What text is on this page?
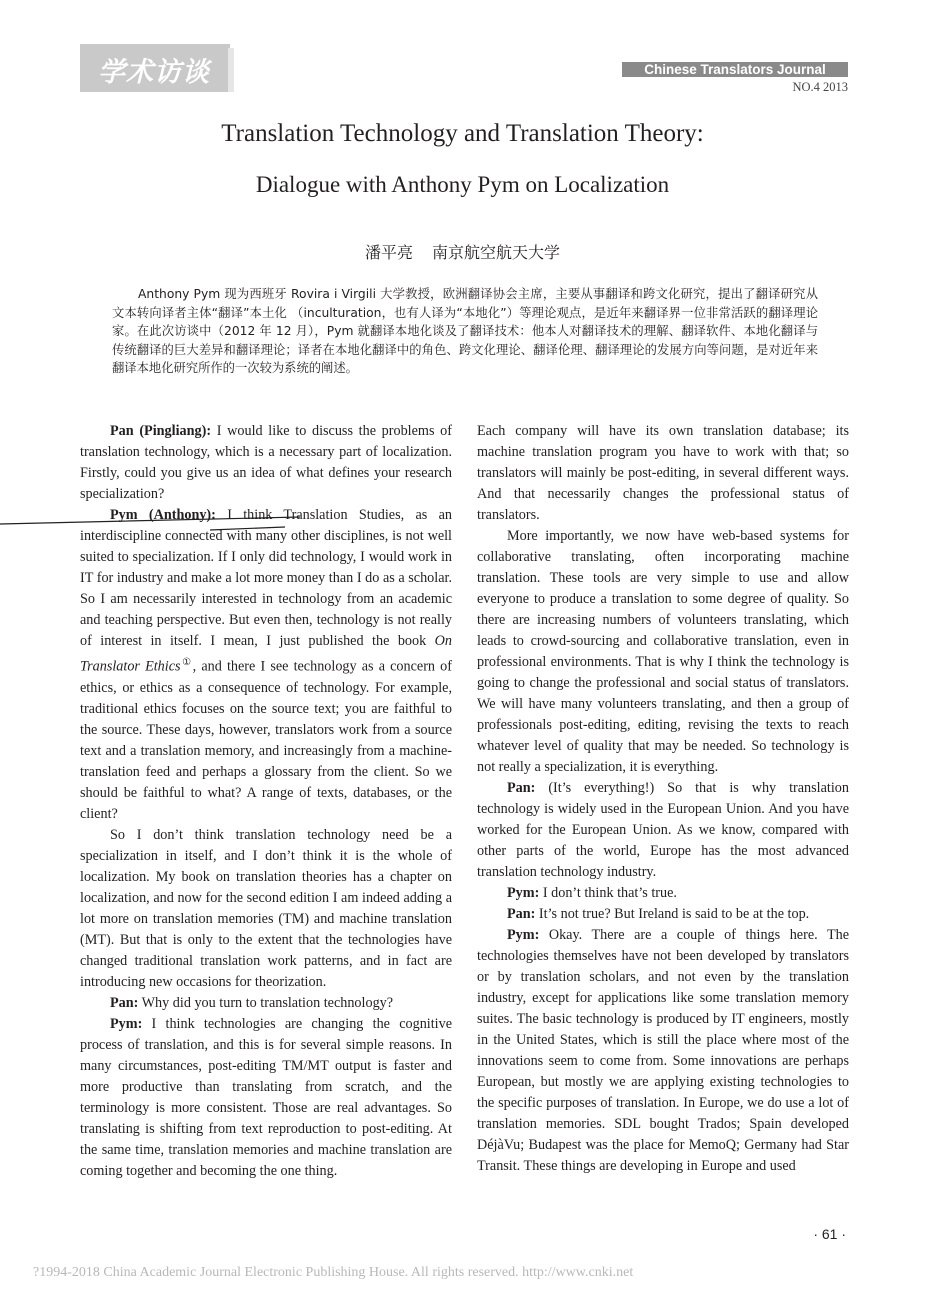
学术访谈	Chinese Translators Journal
NO.4 2013
Translation Technology and Translation Theory:
Dialogue with Anthony Pym on Localization
潘平亮 南京航空航天大学
Anthony Pym 现为西班牙 Rovira i Virgili 大学教授，欧洲翻译协会主席，主要从事翻译和跨文化研究，提出了翻译研究从文本转向译者主体“翻译”本土化 （inculturation，也有人译为“本地化”）等理论观点，是近年来翻译界一位非常活跃的翻译理论家。在此次访谈中（2012 年 12 月），Pym 就翻译本地化谈及了翻译技术：他本人对翻译技术的理解、翻译软件、本地化翻译与传统翻译的巨大差异和翻译理论；译者在本地化翻译中的角色、跨文化理论、翻译伦理、翻译理论的发展方向等问题，是对近年来翻译本地化研究所作的一次较为系统的阐述。

Pan (Pingliang): I would like to discuss the problems of translation technology, which is a necessary part of localization. Firstly, could you give us an idea of what defines your research specialization?

Pym (Anthony): I think Translation Studies, as an interdiscipline connected with many other disciplines, is not well suited to specialization. If I only did technology, I would work in IT for industry and make a lot more money than I do as a scholar. So I am necessarily interested in technology from an academic and teaching perspective. But even then, technology is not really of interest in itself. I mean, I just published the book On Translator Ethics①, and there I see technology as a concern of ethics, or ethics as a consequence of technology. For example, traditional ethics focuses on the source text; you are faithful to the source. These days, however, translators work from a source text and a translation memory, and increasingly from a machine-translation feed and perhaps a glossary from the client. So we should be faithful to what? A range of texts, databases, or the client?

So I don’t think translation technology need be a specialization in itself, and I don’t think it is the whole of localization. My book on translation theories has a chapter on localization, and now for the second edition I am indeed adding a lot more on translation memories (TM) and machine translation (MT). But that is only to the extent that the technologies have changed traditional translation work patterns, and in fact are introducing new occasions for theorization.

Pan: Why did you turn to translation technology?

Pym: I think technologies are changing the cognitive process of translation, and this is for several simple reasons. In many circumstances, post-editing TM/MT output is faster and more productive than translating from scratch, and the terminology is more consistent. Those are real advantages. So translating is shifting from text reproduction to post-editing. At the same time, translation memories and machine translation are coming together and becoming the one thing.

Each company will have its own translation database; its machine translation program you have to work with that; so translators will mainly be post-editing, in several different ways. And that necessarily changes the professional status of translators.

More importantly, we now have web-based systems for collaborative translating, often incorporating machine translation. These tools are very simple to use and allow everyone to produce a translation to some degree of quality. So there are increasing numbers of volunteers translating, which leads to crowd-sourcing and collaborative translation, even in professional environments. That is why I think the technology is going to change the professional and social status of translators. We will have many volunteers translating, and then a group of professionals post-editing, editing, revising the texts to reach whatever level of quality that may be needed. So technology is not really a specialization, it is everything.

Pan: (It’s everything!) So that is why translation technology is widely used in the European Union. And you have worked for the European Union. As we know, compared with other parts of the world, Europe has the most advanced translation technology industry.

Pym: I don’t think that’s true.

Pan: It’s not true? But Ireland is said to be at the top.

Pym: Okay. There are a couple of things here. The technologies themselves have not been developed by translators or by translation scholars, and not even by the translation industry, except for applications like some translation memory suites. The basic technology is produced by IT engineers, mostly in the United States, which is still the place where most of the innovations seem to come from. Some innovations are perhaps European, but mostly we are applying existing technologies to the specific purposes of translation. In Europe, we do use a lot of translation memories. SDL bought Trados; Spain developed DéjàVu; Budapest was the place for MemoQ; Germany had Star Transit. These things are developing in Europe and used

· 61 ·
?1994-2018 China Academic Journal Electronic Publishing House. All rights reserved. http://www.cnki.net
